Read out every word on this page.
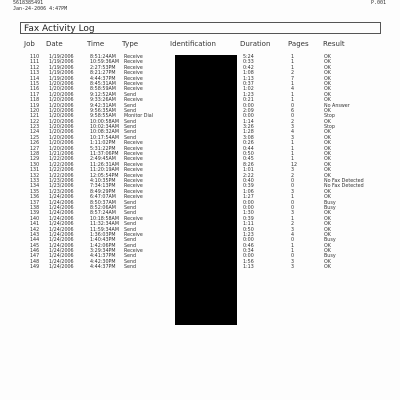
5618385491
Jan-24-2006 4:47PM
P.001
Fax Activity Log
Job Date	Time	Type	Identification	Duration	Pages Result
110 1/19/2006	8:51:24AM Receive	5:24	1	OK
111 1/19/2006	10:59:36AM Receive	0:33	1	OK
112 1/19/2006	2:27:53PM Receive	0:42	1	OK
113 1/19/2006	8:21:27PM Receive	1:08	2	OK
114 1/19/2006	4:44:37PM Receive	1:13	7	OK
115 1/20/2006	8:45:31AM Receive	0:37	1	OK
116 1/20/2006	8:58:59AM Receive	1:02	4	OK
117 1/20/2006	9:12:52AM Send	1:23	1	OK
118 1/20/2006	9:33:26AM Receive	0:21	1	OK
119 1/20/2006	9:42:31AM Send	0:00	0	No Answer
120 1/20/2006	9:56:35AM Send	2:09	6	OK
121 1/20/2006	9:58:55AM Monitor Dial	0:00	0	Stop
122 1/20/2006	10:00:58AM Send	1:14	2	OK
123 1/20/2006	10:02:34AM Send	3:26	3	Stop
124 1/20/2006	10:08:32AM Send	1:28	4	OK
125 1/20/2006	10:17:54AM Send	3:08	3	OK
126 1/20/2006	1:11:02PM Receive	0:26	1	OK
127 1/20/2006	5:31:22PM Receive	0:44	1	OK
128 1/21/2006	11:37:06PM Receive	0:50	1	OK
129 1/22/2006	2:49:45AM Receive	0:45	1	OK
130 1/22/2006	11:26:31AM Receive	8:26	12	OK
131 1/22/2006	11:20:19AM Receive	1:01	3	OK
132 1/22/2006	12:05:54PM Receive	2:22	2	OK
133 1/23/2006	4:10:35PM Receive	0:40	0	No Fax Detected
134 1/23/2006	7:34:13PM Receive	0:39	0	No Fax Detected
135 1/23/2006	8:49:29PM Receive	1:06	3	OK
136 1/24/2006	6:47:07AM Receive	1:27	1	OK
137 1/24/2006	8:50:37AM Send	0:00	0	Busy
138 1/24/2006	8:52:06AM Send	0:00	0	Busy
139 1/24/2006	8:57:24AM Send	1:30	3	OK
140 1/24/2006	10:18:58AM Receive	0:39	1	OK
141 1/24/2006	11:32:34AM Send	1:11	2	OK
142 1/24/2006	11:59:34AM Send	0:50	3	OK
143 1/24/2006	1:36:03PM Receive	1:23	4	OK
144 1/24/2006	1:40:43PM Send	0:00	0	Busy
145 1/24/2006	1:42:06PM Send	0:46	1	OK
146 1/24/2006	3:29:34PM Receive	0:34	1	OK
147 1/24/2006	4:41:37PM Send	0:00	0	Busy
148 1/24/2006	4:42:30PM Send	1:56	3	OK
149 1/24/2006	4:44:37PM Send	1:13	3	OK
